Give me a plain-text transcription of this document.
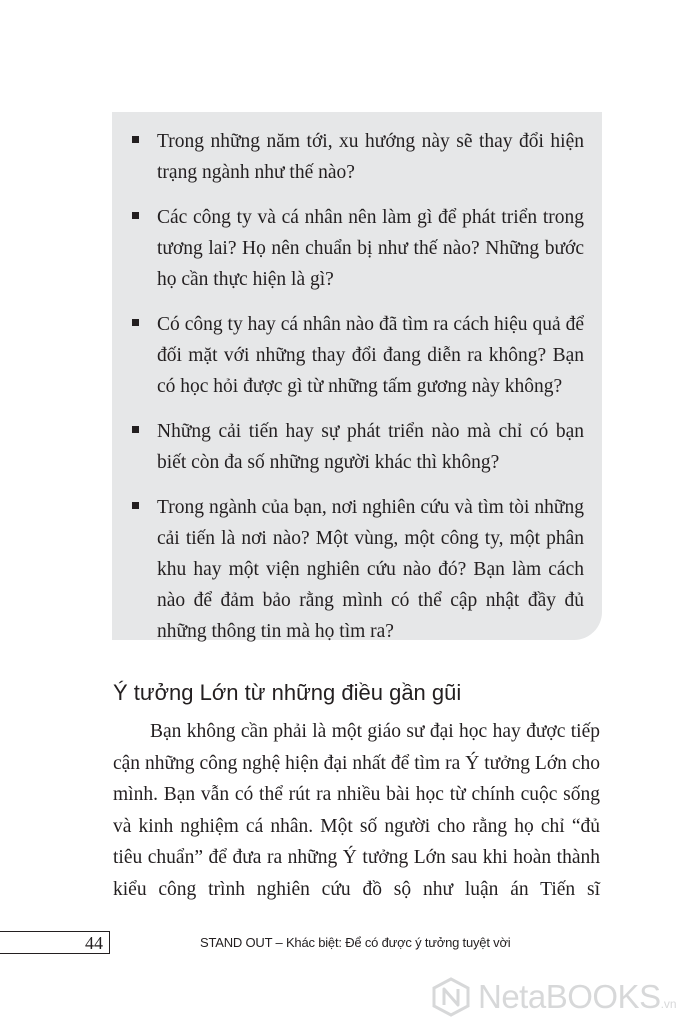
Trong những năm tới, xu hướng này sẽ thay đổi hiện trạng ngành như thế nào?
Các công ty và cá nhân nên làm gì để phát triển trong tương lai? Họ nên chuẩn bị như thế nào? Những bước họ cần thực hiện là gì?
Có công ty hay cá nhân nào đã tìm ra cách hiệu quả để đối mặt với những thay đổi đang diễn ra không? Bạn có học hỏi được gì từ những tấm gương này không?
Những cải tiến hay sự phát triển nào mà chỉ có bạn biết còn đa số những người khác thì không?
Trong ngành của bạn, nơi nghiên cứu và tìm tòi những cải tiến là nơi nào? Một vùng, một công ty, một phân khu hay một viện nghiên cứu nào đó? Bạn làm cách nào để đảm bảo rằng mình có thể cập nhật đầy đủ những thông tin mà họ tìm ra?
Ý tưởng Lớn từ những điều gần gũi

Bạn không cần phải là một giáo sư đại học hay được tiếp cận những công nghệ hiện đại nhất để tìm ra Ý tưởng Lớn cho mình. Bạn vẫn có thể rút ra nhiều bài học từ chính cuộc sống và kinh nghiệm cá nhân. Một số người cho rằng họ chỉ “đủ tiêu chuẩn” để đưa ra những Ý tưởng Lớn sau khi hoàn thành kiểu công trình nghiên cứu đồ sộ như luận án Tiến sĩ

44	STAND OUT – Khác biệt: Để có được ý tưởng tuyệt vời
NetaBOOKS.vn
